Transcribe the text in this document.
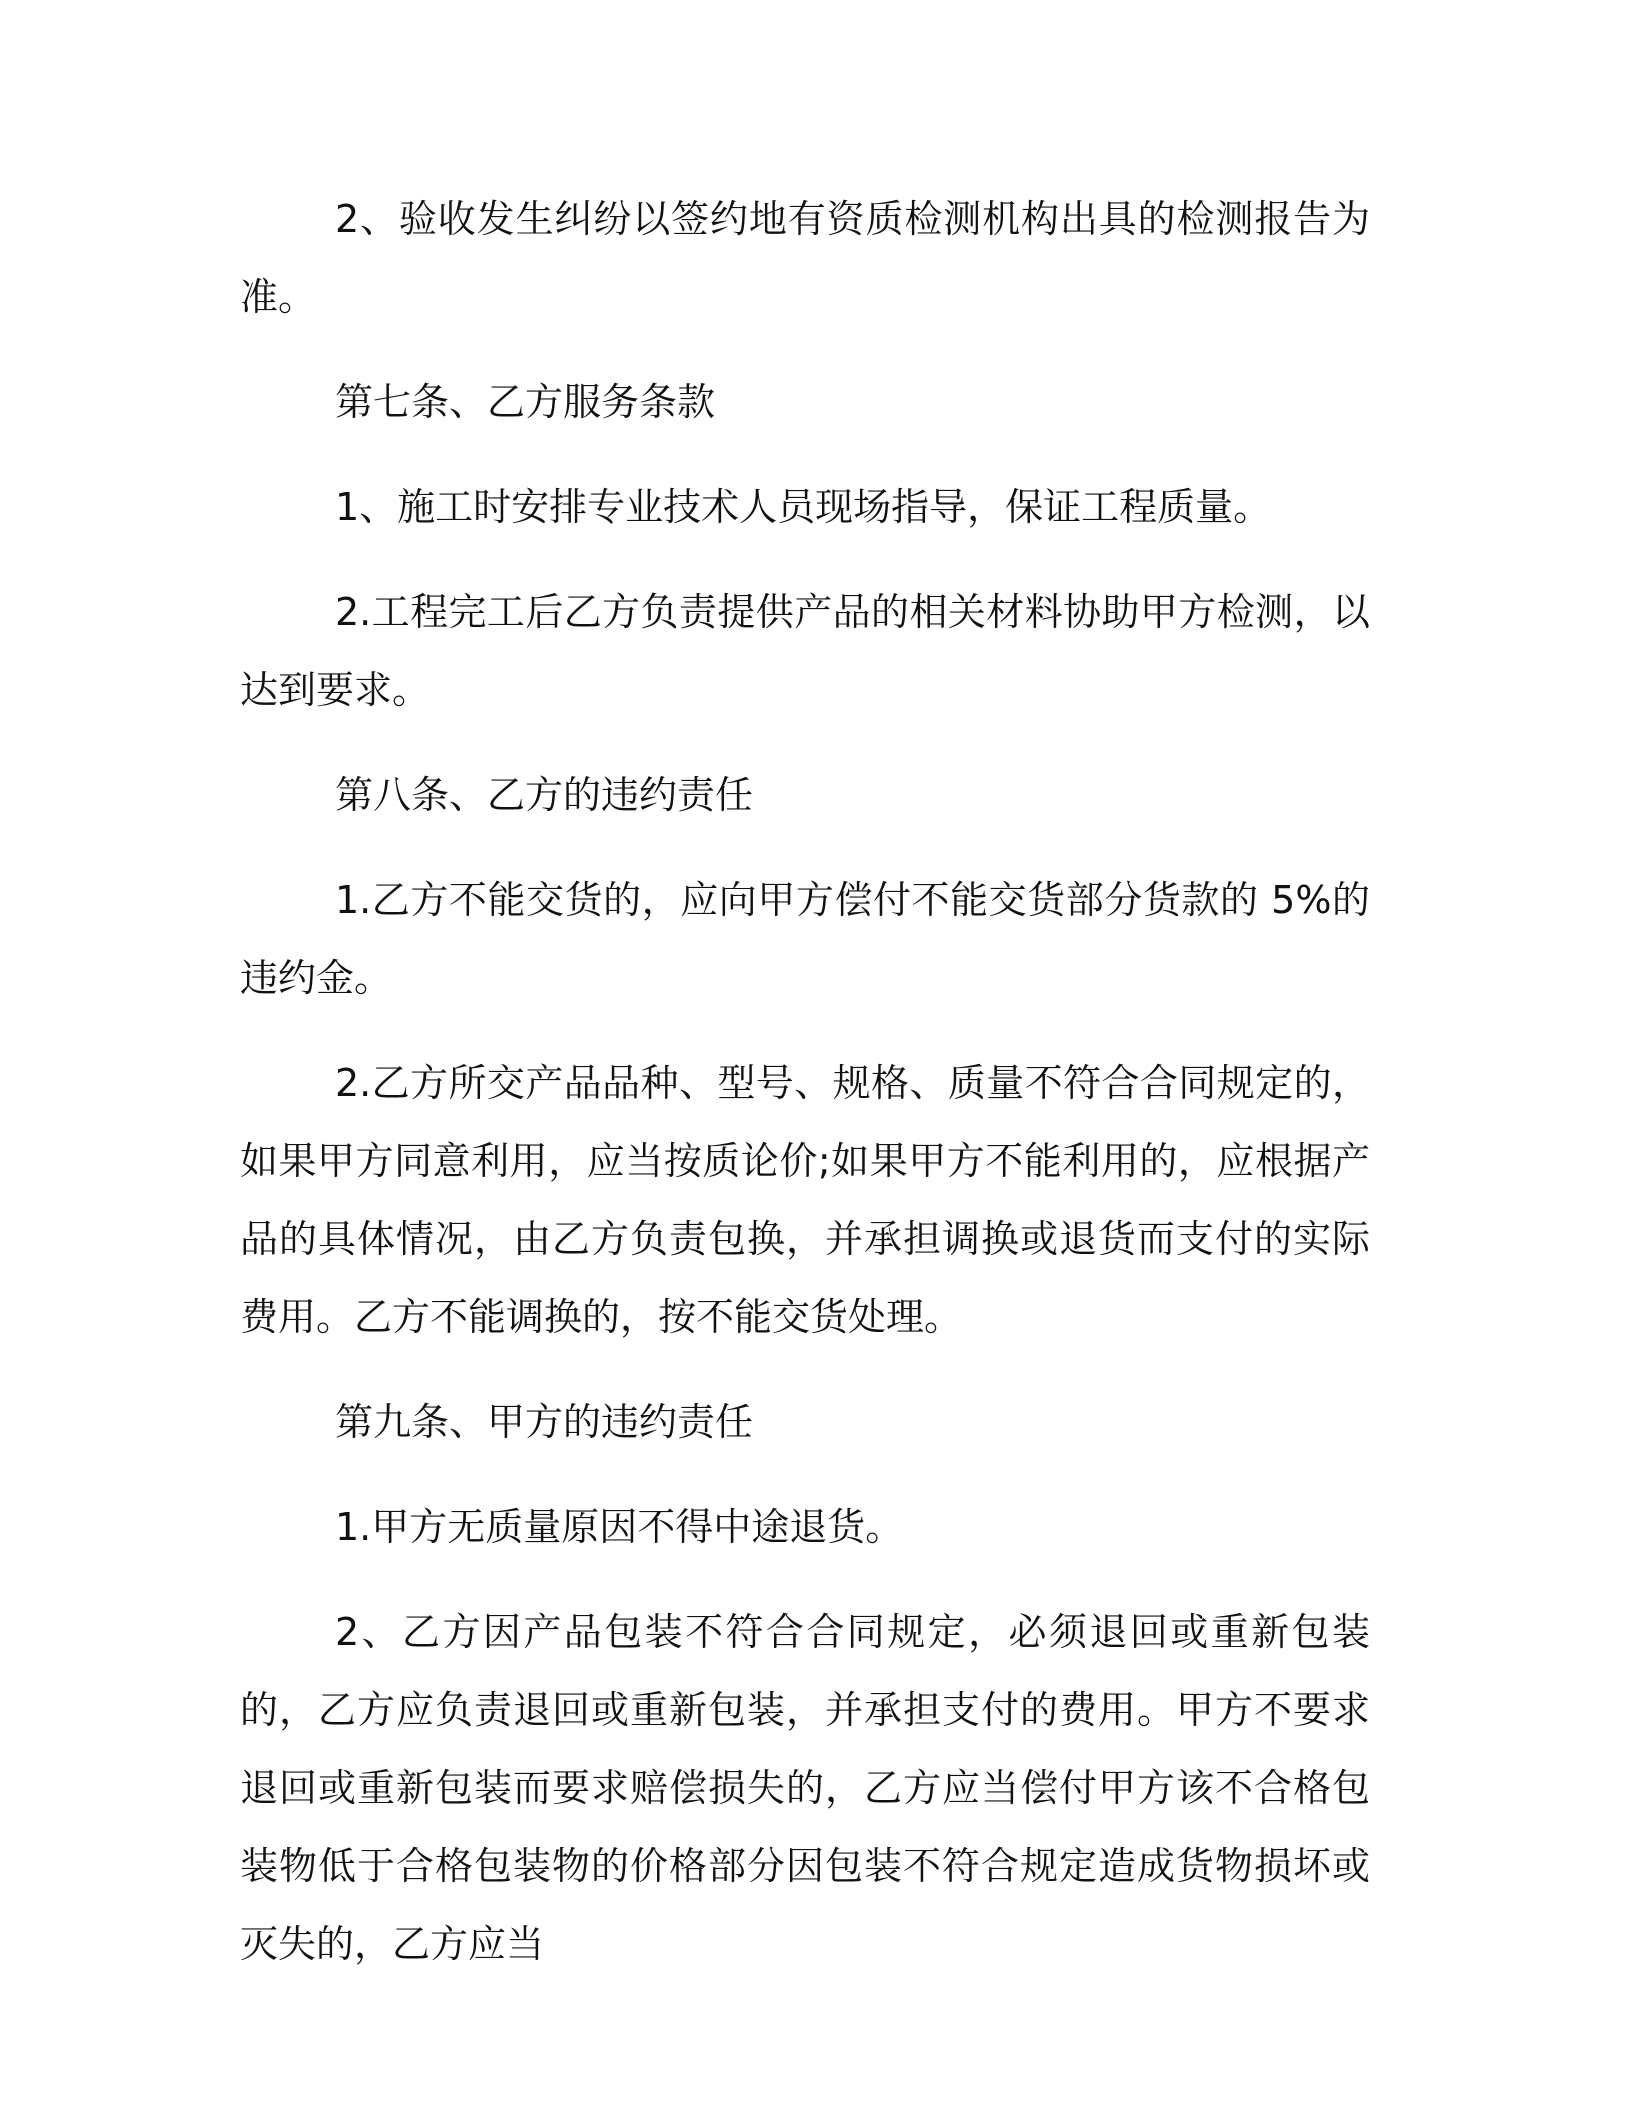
2、验收发生纠纷以签约地有资质检测机构出具的检测报告为准。

第七条、乙方服务条款

1、施工时安排专业技术人员现场指导，保证工程质量。

2.工程完工后乙方负责提供产品的相关材料协助甲方检测，以达到要求。

第八条、乙方的违约责任

1.乙方不能交货的，应向甲方偿付不能交货部分货款的 5%的违约金。

2.乙方所交产品品种、型号、规格、质量不符合合同规定的，如果甲方同意利用，应当按质论价;如果甲方不能利用的，应根据产品的具体情况，由乙方负责包换，并承担调换或退货而支付的实际费用。乙方不能调换的，按不能交货处理。

第九条、甲方的违约责任

1.甲方无质量原因不得中途退货。

2、乙方因产品包装不符合合同规定，必须退回或重新包装的，乙方应负责退回或重新包装，并承担支付的费用。甲方不要求退回或重新包装而要求赔偿损失的，乙方应当偿付甲方该不合格包装物低于合格包装物的价格部分因包装不符合规定造成货物损坏或灭失的，乙方应当
